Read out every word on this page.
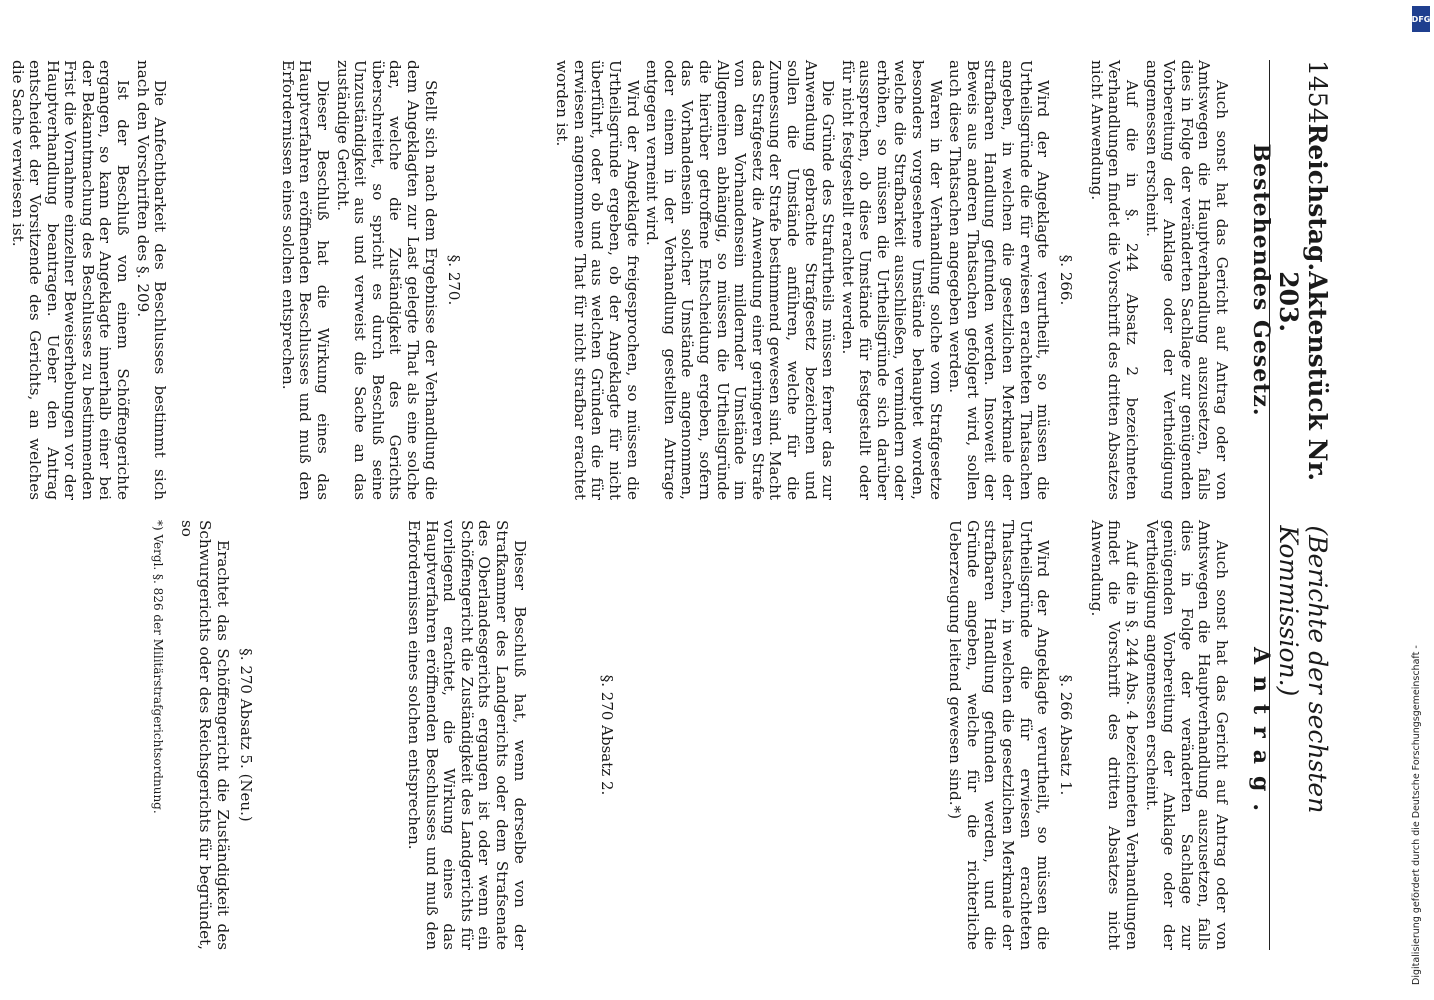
1454
Reichstag.
Aktenstück Nr. 203.
(Berichte der sechsten Kommission.)
Bestehendes Gesetz.

Auch sonst hat das Gericht auf Antrag oder von Amtswegen die Hauptverhandlung auszusetzen, falls dies in Folge der veränderten Sachlage zur genügenden Vorbereitung der Anklage oder der Vertheidigung angemessen erscheint.

Auf die in §. 244 Absatz 2 bezeichneten Verhandlungen findet die Vorschrift des dritten Absatzes nicht Anwendung.

§. 266.

Wird der Angeklagte verurtheilt, so müssen die Urtheilsgründe die für erwiesen erachteten Thatsachen angeben, in welchen die gesetzlichen Merkmale der strafbaren Handlung gefunden werden. Insoweit der Beweis aus anderen Thatsachen gefolgert wird, sollen auch diese Thatsachen angegeben werden.

Waren in der Verhandlung solche vom Strafgesetze besonders vorgesehene Umstände behauptet worden, welche die Strafbarkeit ausschließen, vermindern oder erhöhen, so müssen die Urtheilsgründe sich darüber aussprechen, ob diese Umstände für festgestellt oder für nicht festgestellt erachtet werden.

Die Gründe des Strafurtheils müssen ferner das zur Anwendung gebrachte Strafgesetz bezeichnen und sollen die Umstände anführen, welche für die Zumessung der Strafe bestimmend gewesen sind. Macht das Strafgesetz die Anwendung einer geringeren Strafe von dem Vorhandensein mildernder Umstände im Allgemeinen abhängig, so müssen die Urtheilsgründe die hierüber getroffene Entscheidung ergeben, sofern das Vorhandensein solcher Umstände angenommen, oder einem in der Verhandlung gestellten Antrage entgegen verneint wird.

Wird der Angeklagte freigesprochen, so müssen die Urtheilsgründe ergeben, ob der Angeklagte für nicht überführt, oder ob und aus welchen Gründen die für erwiesen angenommene That für nicht strafbar erachtet worden ist.

§. 270.

Stellt sich nach dem Ergebnisse der Verhandlung die dem Angeklagten zur Last gelegte That als eine solche dar, welche die Zuständigkeit des Gerichts überschreitet, so spricht es durch Beschluß seine Unzuständigkeit aus und verweist die Sache an das zuständige Gericht.

Dieser Beschluß hat die Wirkung eines das Hauptverfahren eröffnenden Beschlusses und muß den Erfordernissen eines solchen entsprechen.

Die Anfechtbarkeit des Beschlusses bestimmt sich nach den Vorschriften des §. 209.

Ist der Beschluß von einem Schöffengerichte ergangen, so kann der Angeklagte innerhalb einer bei der Bekanntmachung des Beschlusses zu bestimmenden Frist die Vornahme einzelner Beweiserhebungen vor der Hauptverhandlung beantragen. Ueber den Antrag entscheidet der Vorsitzende des Gerichts, an welches die Sache verwiesen ist.

Antrag.

Auch sonst hat das Gericht auf Antrag oder von Amtswegen die Hauptverhandlung auszusetzen, falls dies in Folge der veränderten Sachlage zur genügenden Vorbereitung der Anklage oder der Vertheidigung angemessen erscheint.

Auf die in §. 244 Abs. 4 bezeichneten Verhandlungen findet die Vorschrift des dritten Absatzes nicht Anwendung.

§. 266 Absatz 1.

Wird der Angeklagte verurtheilt, so müssen die Urtheilsgründe die für erwiesen erachteten Thatsachen, in welchen die gesetzlichen Merkmale der strafbaren Handlung gefunden werden, und die Gründe angeben, welche für die richterliche Ueberzeugung leitend gewesen sind.*)

§. 270 Absatz 2.

Dieser Beschluß hat, wenn derselbe von der Strafkammer des Landgerichts oder dem Strafsenate des Oberlandesgerichts ergangen ist oder wenn ein Schöffengericht die Zuständigkeit des Landgerichts für vorliegend erachtet, die Wirkung eines das Hauptverfahren eröffnenden Beschlusses und muß den Erfordernissen eines solchen entsprechen.

§. 270 Absatz 5. (Neu.)

Erachtet das Schöffengericht die Zuständigkeit des Schwurgerichts oder des Reichsgerichts für begründet, so

*) Vergl. §. 826 der Militärstrafgerichtsordnung.
DFG
Digitalisierung gefördert durch die Deutsche Forschungsgemeinschaft -
